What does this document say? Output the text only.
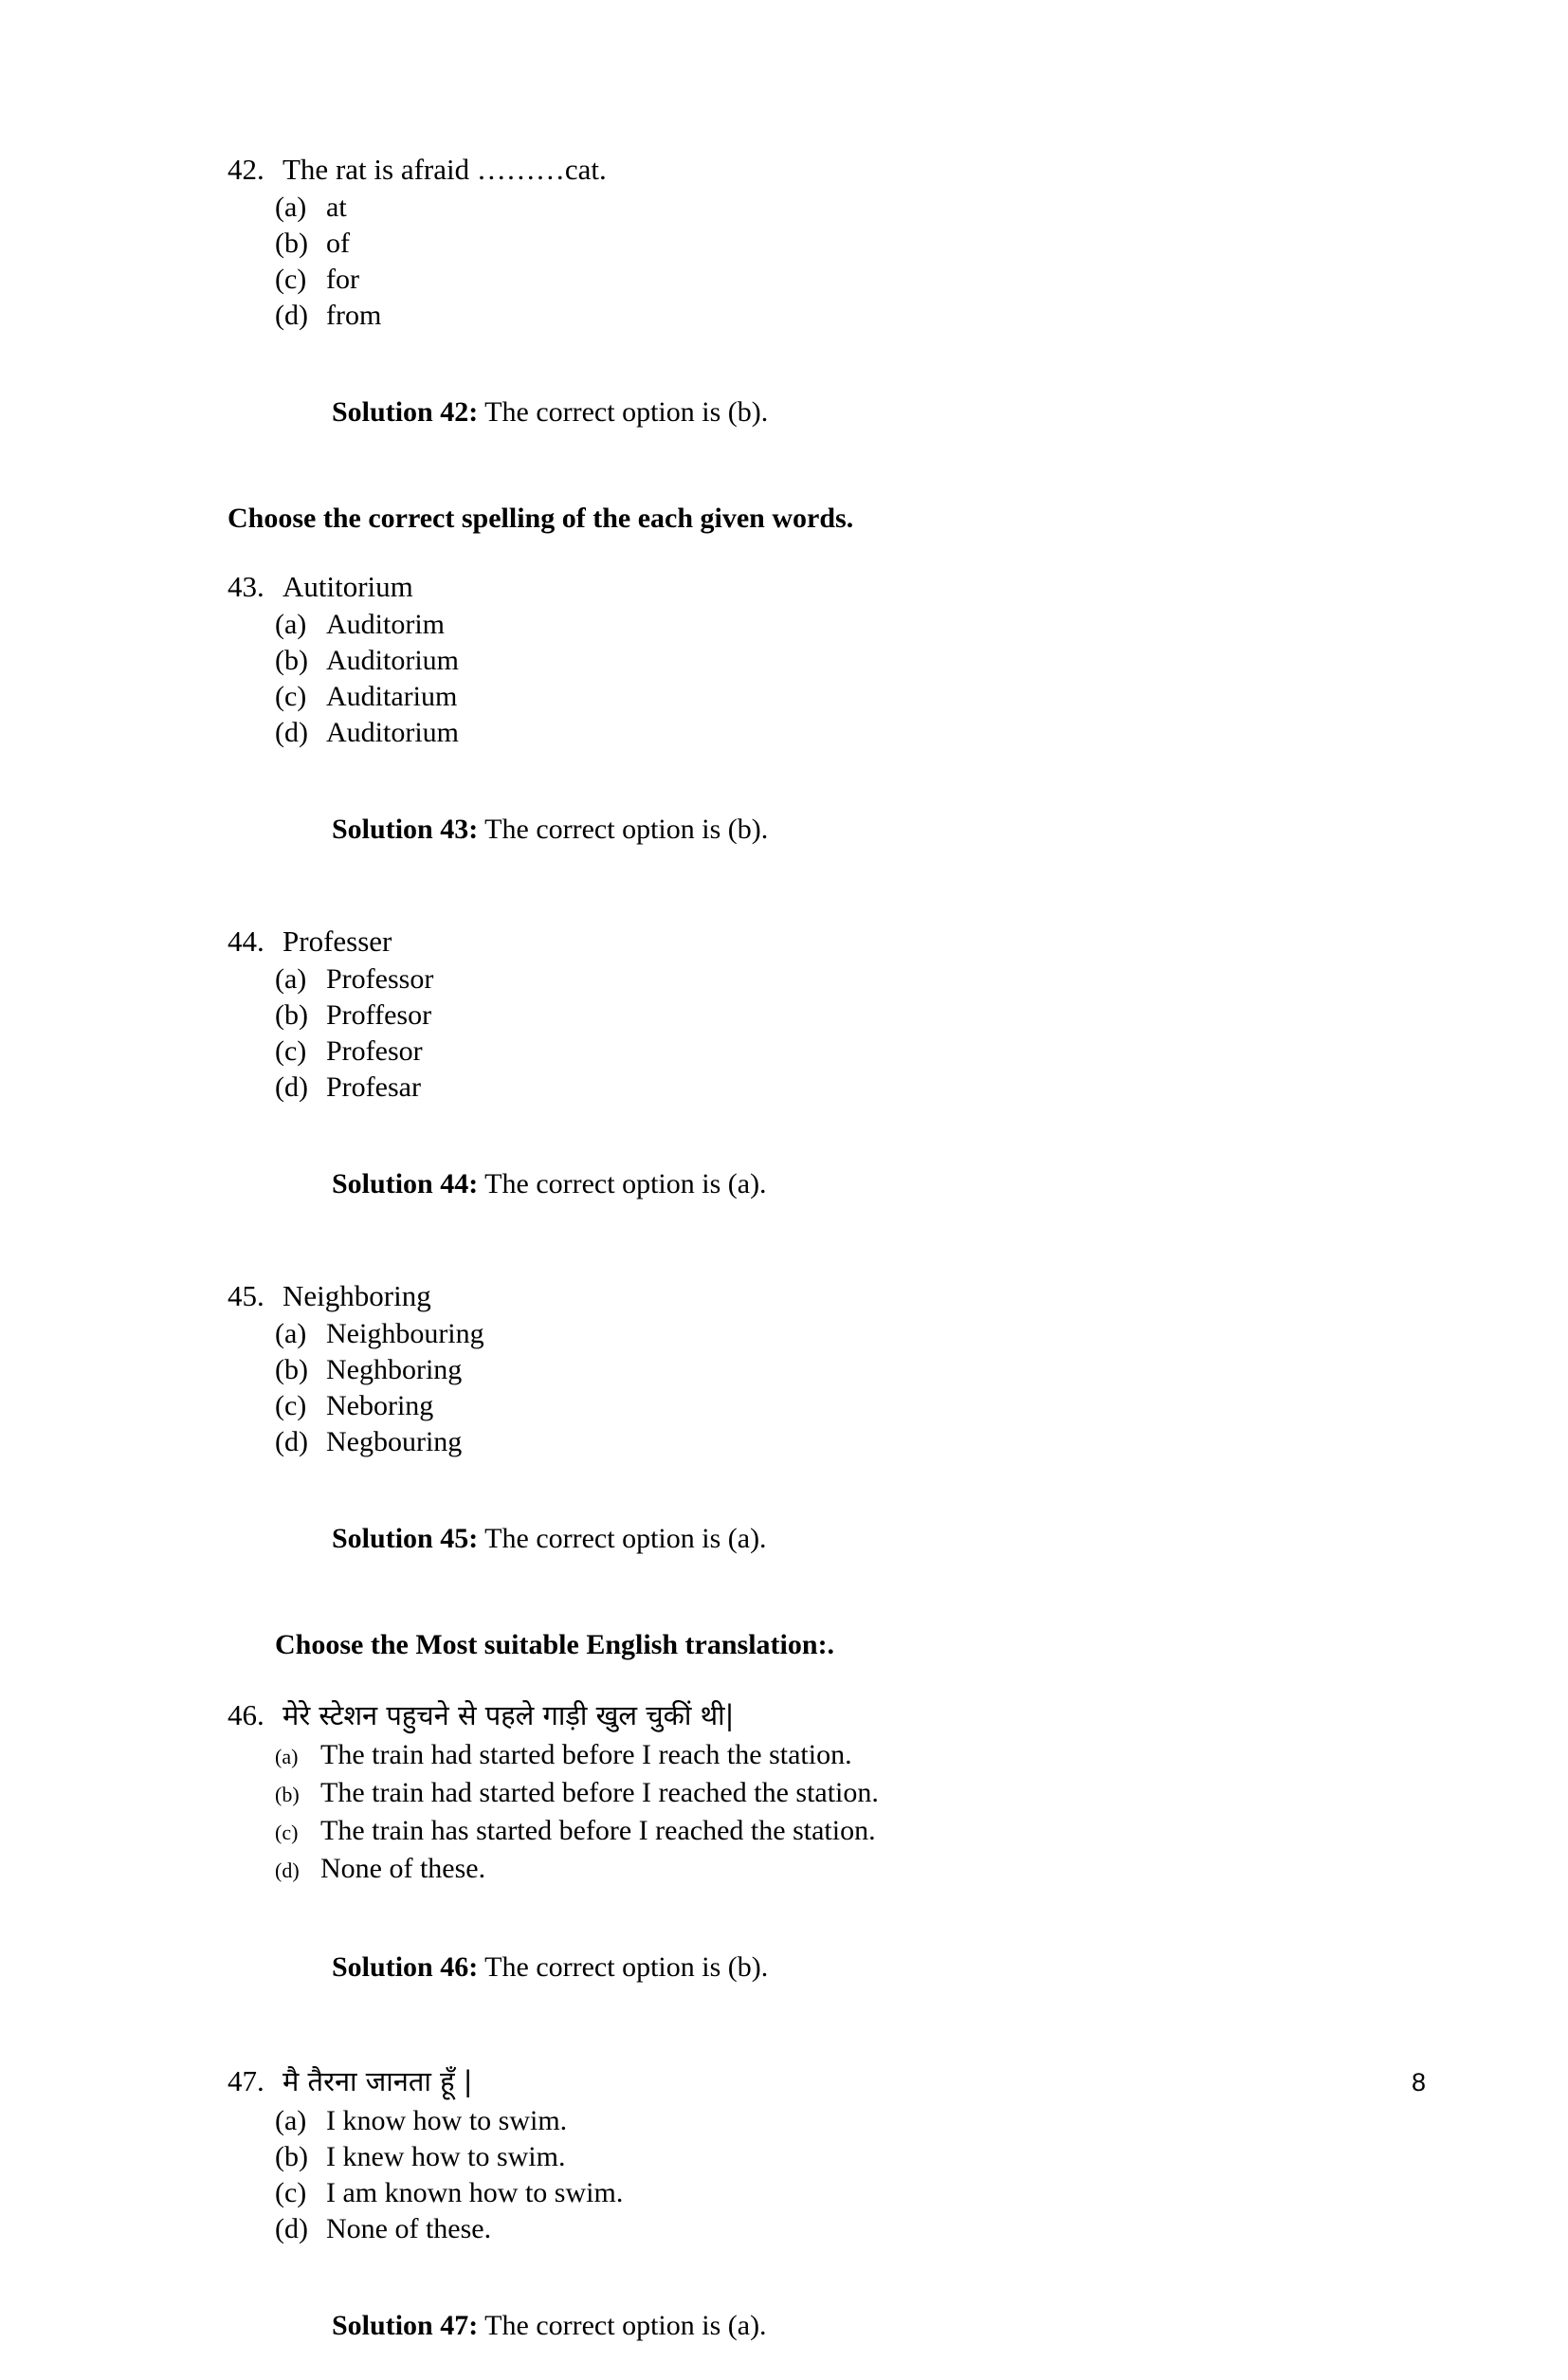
42. The rat is afraid ………cat.
(a) at
(b) of
(c) for
(d) from

Solution 42: The correct option is (b).

Choose the correct spelling of the each given words.
43. Autitorium
(a) Auditorim
(b) Auditorium
(c) Auditarium
(d) Auditorium

Solution 43: The correct option is (b).

44. Professer
(a) Professor
(b) Proffesor
(c) Profesor
(d) Profesar

Solution 44: The correct option is (a).

45. Neighboring
(a) Neighbouring
(b) Neghboring
(c) Neboring
(d) Negbouring

Solution 45: The correct option is (a).

Choose the Most suitable English translation:.
46. मेरे स्टेशन पहुचने से पहले गाड़ी खुल चुकीं थी|
(a) The train had started before I reach the station.
(b) The train had started before I reached the station.
(c) The train has started before I reached the station.
(d) None of these.

Solution 46: The correct option is (b).

47. मै तैरना जानता हूँ |
(a) I know how to swim.
(b) I knew how to swim.
(c) I am known how to swim.
(d) None of these.

Solution 47: The correct option is (a).

8
